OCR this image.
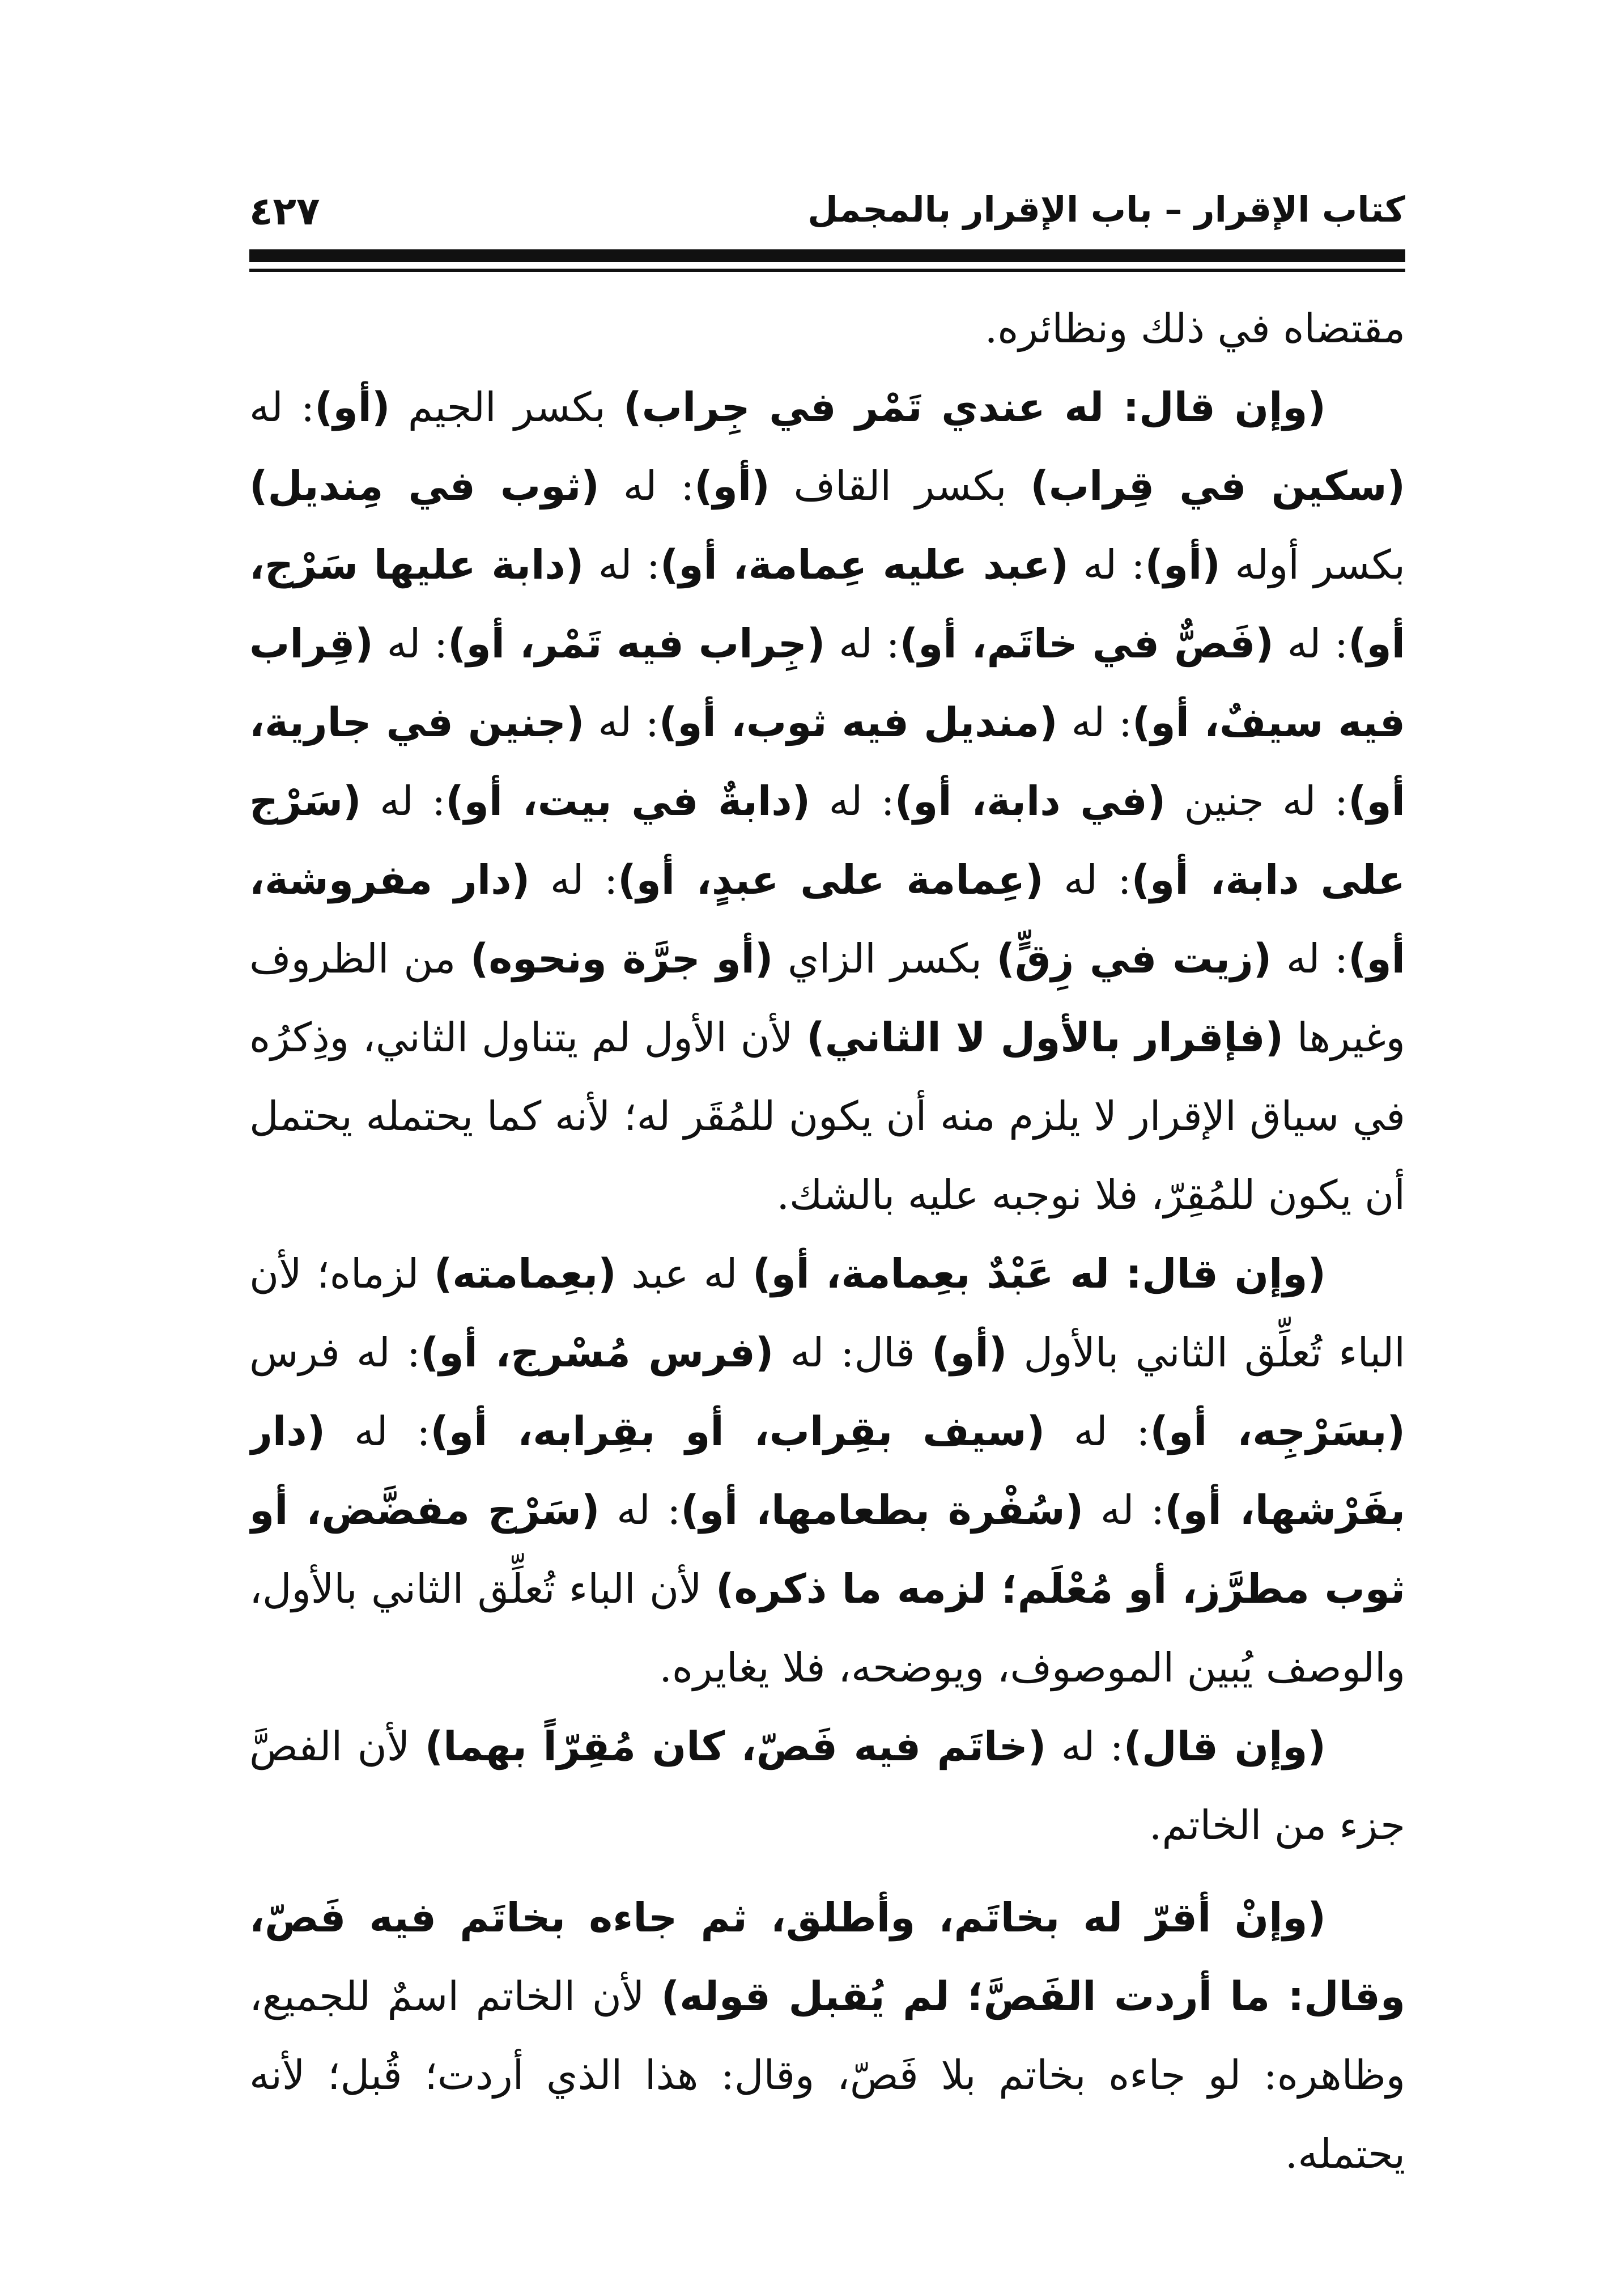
كتاب الإقرار – باب الإقرار بالمجمل
٤٢٧

مقتضاه في ذلك ونظائره.

(وإن قال: له عندي تَمْر في جِراب) بكسر الجيم (أو): له (سكين في قِراب) بكسر القاف (أو): له (ثوب في مِنديل) بكسر أوله (أو): له (عبد عليه عِمامة، أو): له (دابة عليها سَرْج، أو): له (فَصٌّ في خاتَم، أو): له (جِراب فيه تَمْر، أو): له (قِراب فيه سيفٌ، أو): له (منديل فيه ثوب، أو): له (جنين في جارية، أو): له جنين (في دابة، أو): له (دابةٌ في بيت، أو): له (سَرْج على دابة، أو): له (عِمامة على عبدٍ، أو): له (دار مفروشة، أو): له (زيت في زِقٍّ) بكسر الزاي (أو جرَّة ونحوه) من الظروف وغيرها (فإقرار بالأول لا الثاني) لأن الأول لم يتناول الثاني، وذِكرُه في سياق الإقرار لا يلزم منه أن يكون للمُقَر له؛ لأنه كما يحتمله يحتمل أن يكون للمُقِرّ، فلا نوجبه عليه بالشك.

(وإن قال: له عَبْدٌ بعِمامة، أو) له عبد (بعِمامته) لزماه؛ لأن الباء تُعلِّق الثاني بالأول (أو) قال: له (فرس مُسْرج، أو): له فرس (بسَرْجِه، أو): له (سيف بقِراب، أو بقِرابه، أو): له (دار بفَرْشها، أو): له (سُفْرة بطعامها، أو): له (سَرْج مفضَّض، أو ثوب مطرَّز، أو مُعْلَم؛ لزمه ما ذكره) لأن الباء تُعلِّق الثاني بالأول، والوصف يُبين الموصوف، ويوضحه، فلا يغايره.

(وإن قال): له (خاتَم فيه فَصّ، كان مُقِرّاً بهما) لأن الفصَّ جزء من الخاتم.

(وإنْ أقرّ له بخاتَم، وأطلق، ثم جاءه بخاتَم فيه فَصّ، وقال: ما أردت الفَصَّ؛ لم يُقبل قوله) لأن الخاتم اسمٌ للجميع، وظاهره: لو جاءه بخاتم بلا فَصّ، وقال: هذا الذي أردت؛ قُبل؛ لأنه يحتمله.
